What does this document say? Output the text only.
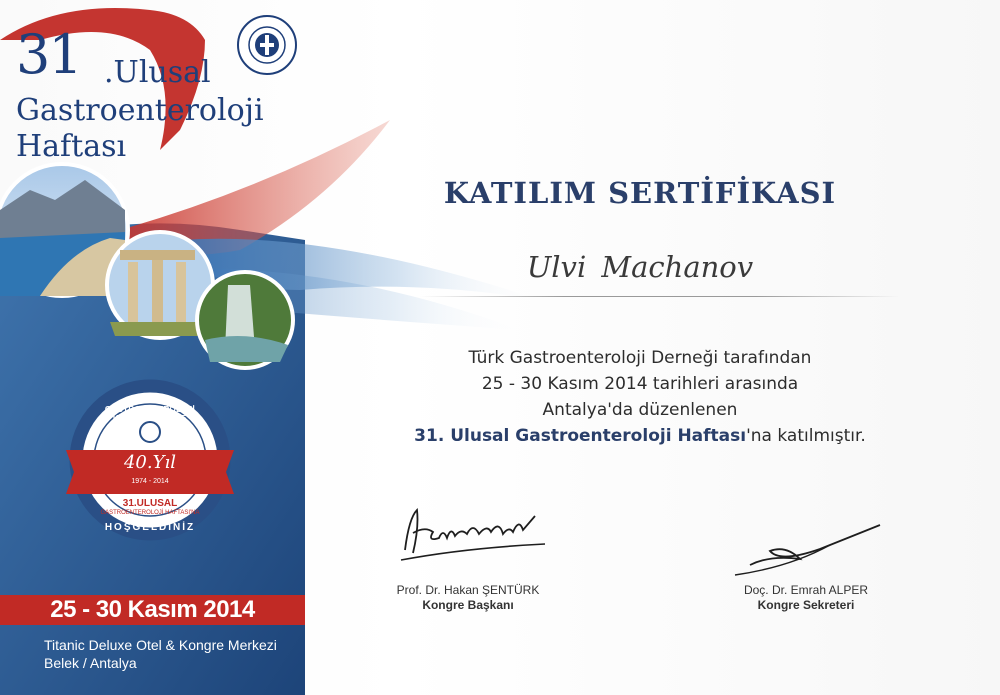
31 .Ulusal
Gastroenteroloji
Haftası
GASTROENTEROLOJİ KONGRELERİNDE
40.Yıl
1974 - 2014
31.ULUSAL
GASTROENTEROLOJİ HAFTASI'NA
HOŞGELDİNİZ
25 - 30 Kasım 2014
Titanic Deluxe Otel & Kongre Merkezi
Belek / Antalya
KATILIM SERTİFİKASI
Ulvi Machanov
Türk Gastroenteroloji Derneği tarafından
25 - 30 Kasım 2014 tarihleri arasında
Antalya'da düzenlenen
31. Ulusal Gastroenteroloji Haftası'na katılmıştır.
Prof. Dr. Hakan ŞENTÜRK
Kongre Başkanı
Doç. Dr. Emrah ALPER
Kongre Sekreteri
